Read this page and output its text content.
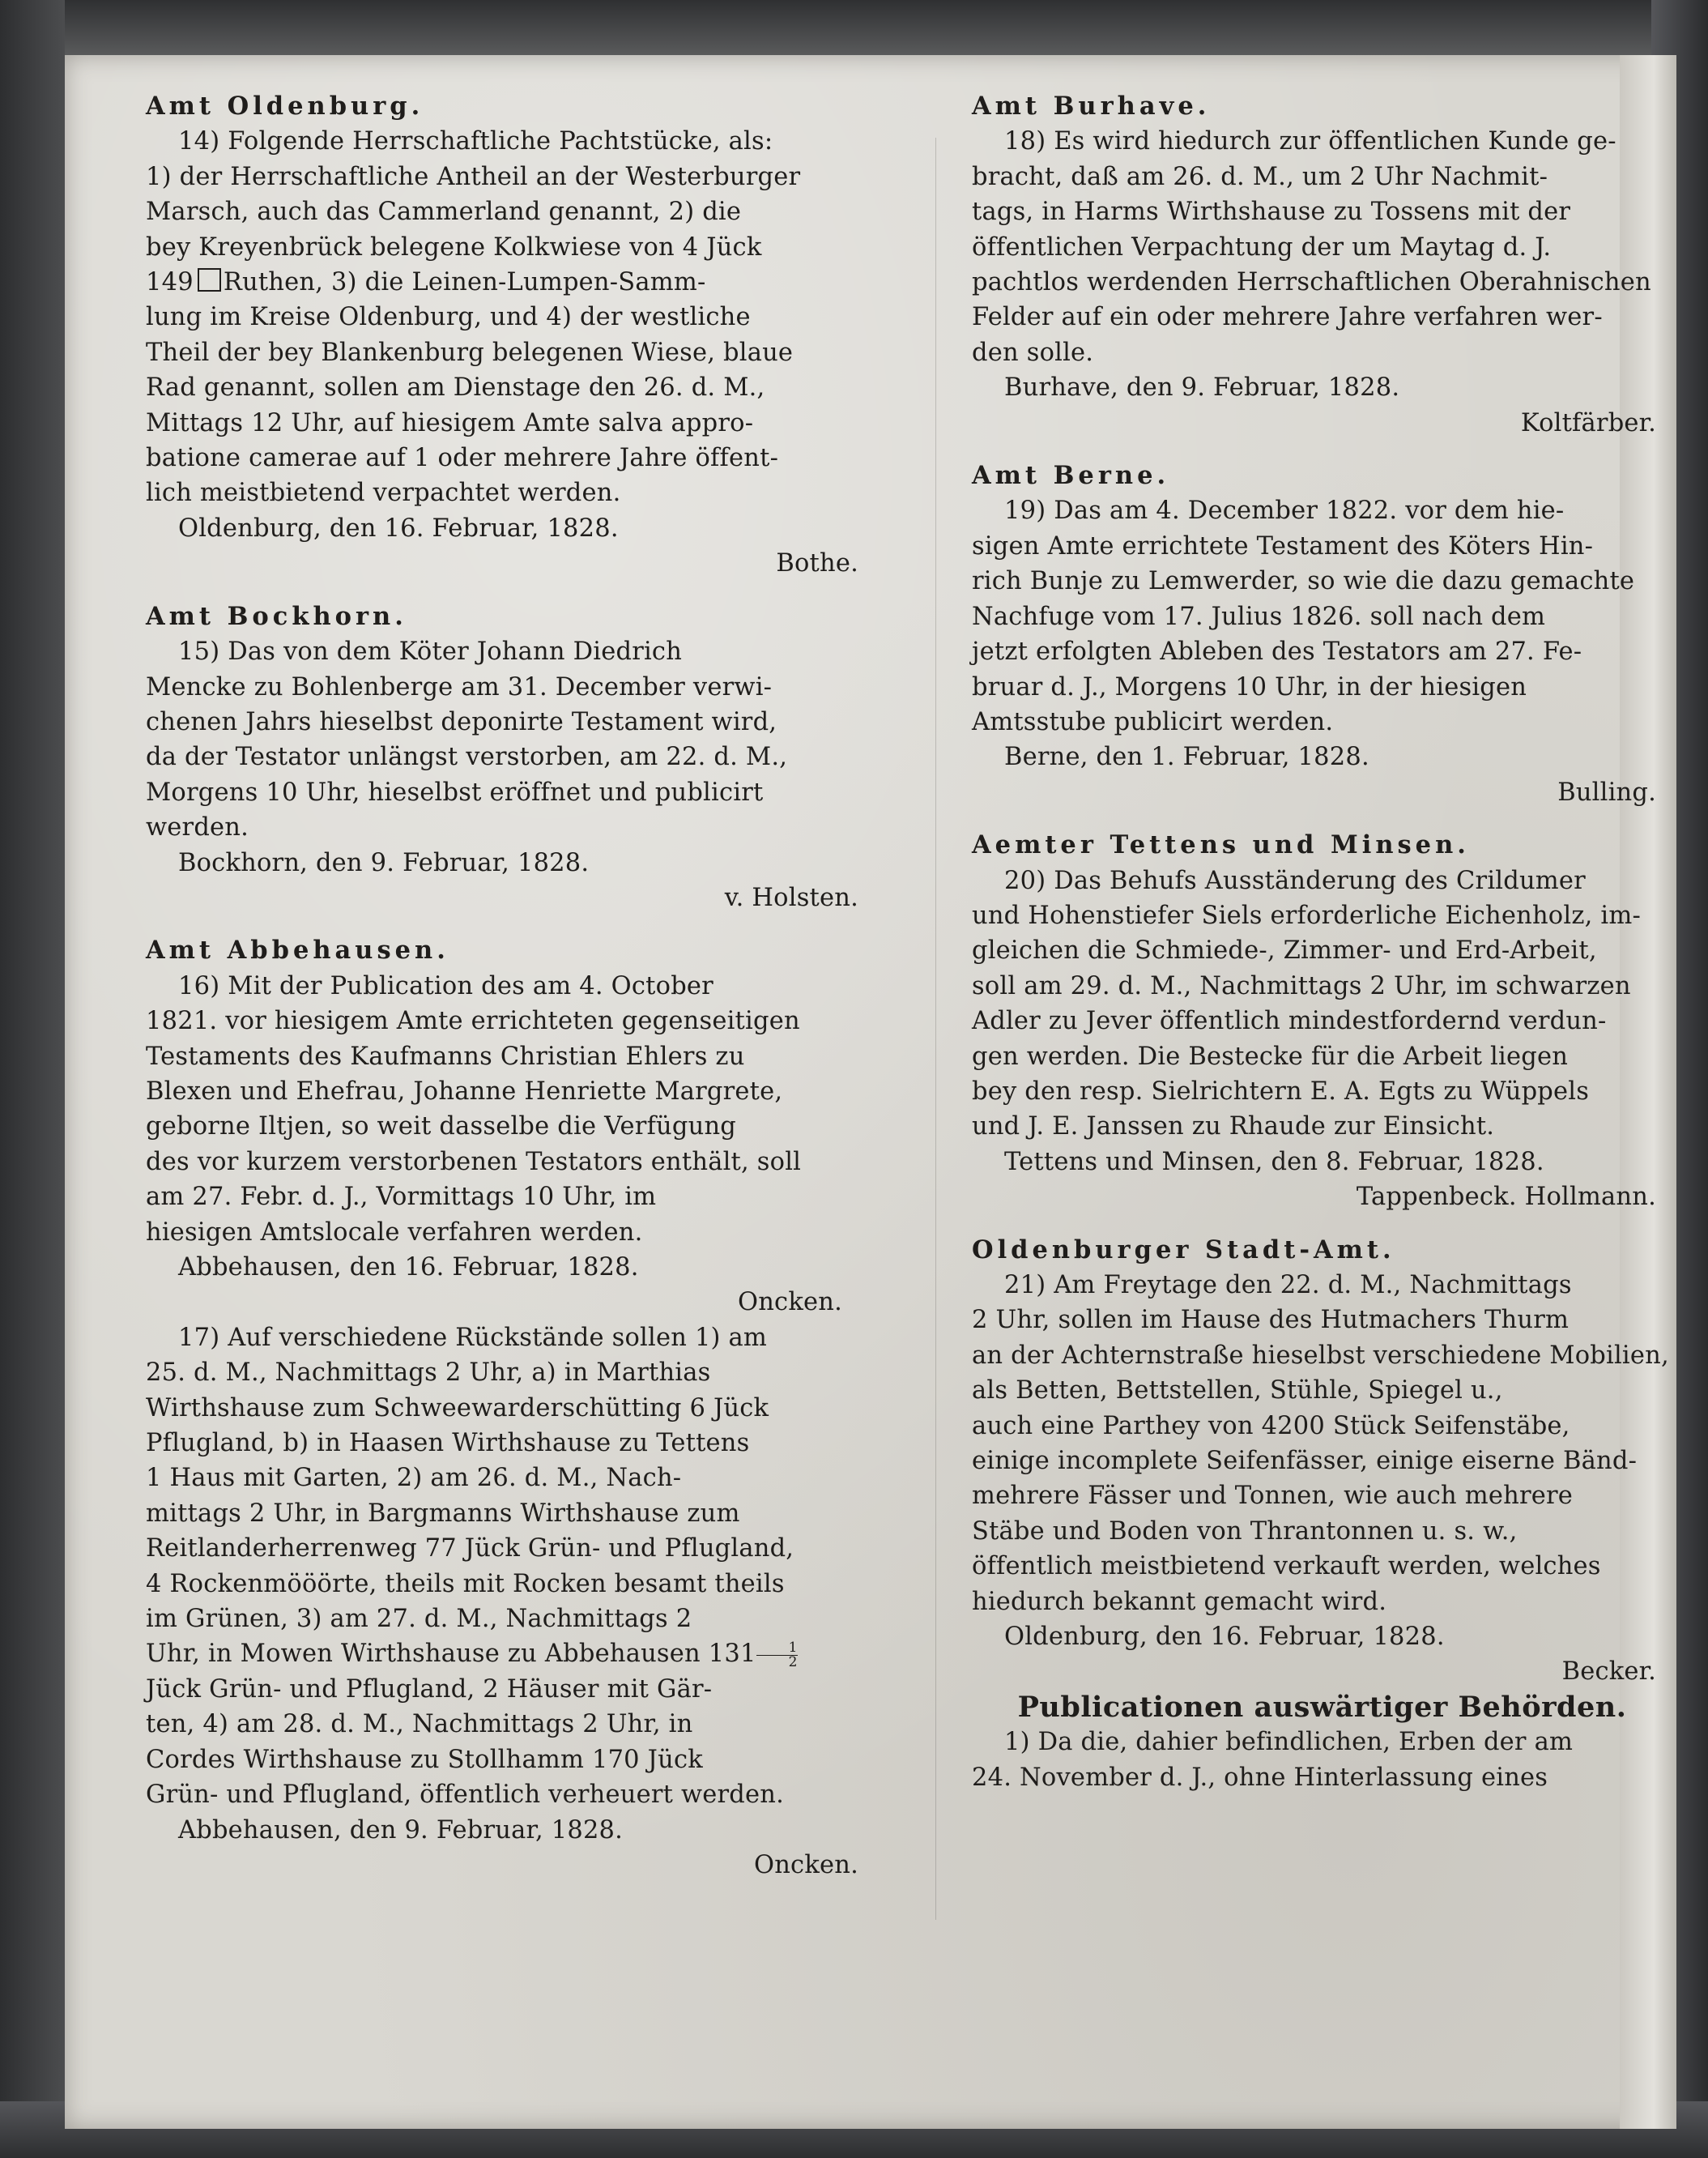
Amt Oldenburg.

14) Folgende Herrschaftliche Pachtstücke, als:
1) der Herrschaftliche Antheil an der Westerburger
Marsch, auch das Cammerland genannt, 2) die
bey Kreyenbrück belegene Kolkwiese von 4 Jück
149 Ruthen, 3) die Leinen-Lumpen-Samm-
lung im Kreise Oldenburg, und 4) der westliche
Theil der bey Blankenburg belegenen Wiese, blaue
Rad genannt, sollen am Dienstage den 26. d. M.,
Mittags 12 Uhr, auf hiesigem Amte salva appro-
batione camerae auf 1 oder mehrere Jahre öffent-
lich meistbietend verpachtet werden.

Oldenburg, den 16. Februar, 1828.

Bothe.

Amt Bockhorn.

15) Das von dem Köter Johann Diedrich
Mencke zu Bohlenberge am 31. December verwi-
chenen Jahrs hieselbst deponirte Testament wird,
da der Testator unlängst verstorben, am 22. d. M.,
Morgens 10 Uhr, hieselbst eröffnet und publicirt
werden.

Bockhorn, den 9. Februar, 1828.

v. Holsten.

Amt Abbehausen.

16) Mit der Publication des am 4. October
1821. vor hiesigem Amte errichteten gegenseitigen
Testaments des Kaufmanns Christian Ehlers zu
Blexen und Ehefrau, Johanne Henriette Margrete,
geborne Iltjen, so weit dasselbe die Verfügung
des vor kurzem verstorbenen Testators enthält, soll
am 27. Febr. d. J., Vormittags 10 Uhr, im
hiesigen Amtslocale verfahren werden.

Abbehausen, den 16. Februar, 1828.

Oncken.

17) Auf verschiedene Rückstände sollen 1) am
25. d. M., Nachmittags 2 Uhr, a) in Marthias
Wirthshause zum Schweewarderschütting 6 Jück
Pflugland, b) in Haasen Wirthshause zu Tettens
1 Haus mit Garten, 2) am 26. d. M., Nach-
mittags 2 Uhr, in Bargmanns Wirthshause zum
Reitlanderherrenweg 77 Jück Grün- und Pflugland,
4 Rockenmööörte, theils mit Rocken besamt theils
im Grünen, 3) am 27. d. M., Nachmittags 2
Uhr, in Mowen Wirthshause zu Abbehausen $131 \frac{1}{2}$

Jück Grün- und Pflugland, 2 Häuser mit Gär-
ten, 4) am 28. d. M., Nachmittags 2 Uhr, in
Cordes Wirthshause zu Stollhamm 170 Jück
Grün- und Pflugland, öffentlich verheuert werden.

Abbehausen, den 9. Februar, 1828.

Oncken.

Amt Burhave.

18) Es wird hiedurch zur öffentlichen Kunde ge-
bracht, daß am 26. d. M., um 2 Uhr Nachmit-
tags, in Harms Wirthshause zu Tossens mit der
öffentlichen Verpachtung der um Maytag d. J.
pachtlos werdenden Herrschaftlichen Oberahnischen
Felder auf ein oder mehrere Jahre verfahren wer-
den solle.

Burhave, den 9. Februar, 1828.

Koltfärber.

Amt Berne.

19) Das am 4. December 1822. vor dem hie-
sigen Amte errichtete Testament des Köters Hin-
rich Bunje zu Lemwerder, so wie die dazu gemachte
Nachfuge vom 17. Julius 1826. soll nach dem
jetzt erfolgten Ableben des Testators am 27. Fe-
bruar d. J., Morgens 10 Uhr, in der hiesigen
Amtsstube publicirt werden.

Berne, den 1. Februar, 1828.

Bulling.

Aemter Tettens und Minsen.

20) Das Behufs Ausständerung des Crildumer
und Hohenstiefer Siels erforderliche Eichenholz, im-
gleichen die Schmiede-, Zimmer- und Erd-Arbeit,
soll am 29. d. M., Nachmittags 2 Uhr, im schwarzen
Adler zu Jever öffentlich mindestfordernd verdun-
gen werden. Die Bestecke für die Arbeit liegen
bey den resp. Sielrichtern E. A. Egts zu Wüppels
und J. E. Janssen zu Rhaude zur Einsicht.

Tettens und Minsen, den 8. Februar, 1828.

Tappenbeck. Hollmann.

Oldenburger Stadt-Amt.

21) Am Freytage den 22. d. M., Nachmittags
2 Uhr, sollen im Hause des Hutmachers Thurm
an der Achternstraße hieselbst verschiedene Mobilien,
als Betten, Bettstellen, Stühle, Spiegel u.,
auch eine Parthey von 4200 Stück Seifenstäbe,
einige incomplete Seifenfässer, einige eiserne Bänd-
mehrere Fässer und Tonnen, wie auch mehrere
Stäbe und Boden von Thrantonnen u. s. w.,
öffentlich meistbietend verkauft werden, welches
hiedurch bekannt gemacht wird.

Oldenburg, den 16. Februar, 1828.

Becker.

Publicationen auswärtiger Behörden.

1) Da die, dahier befindlichen, Erben der am
24. November d. J., ohne Hinterlassung eines
